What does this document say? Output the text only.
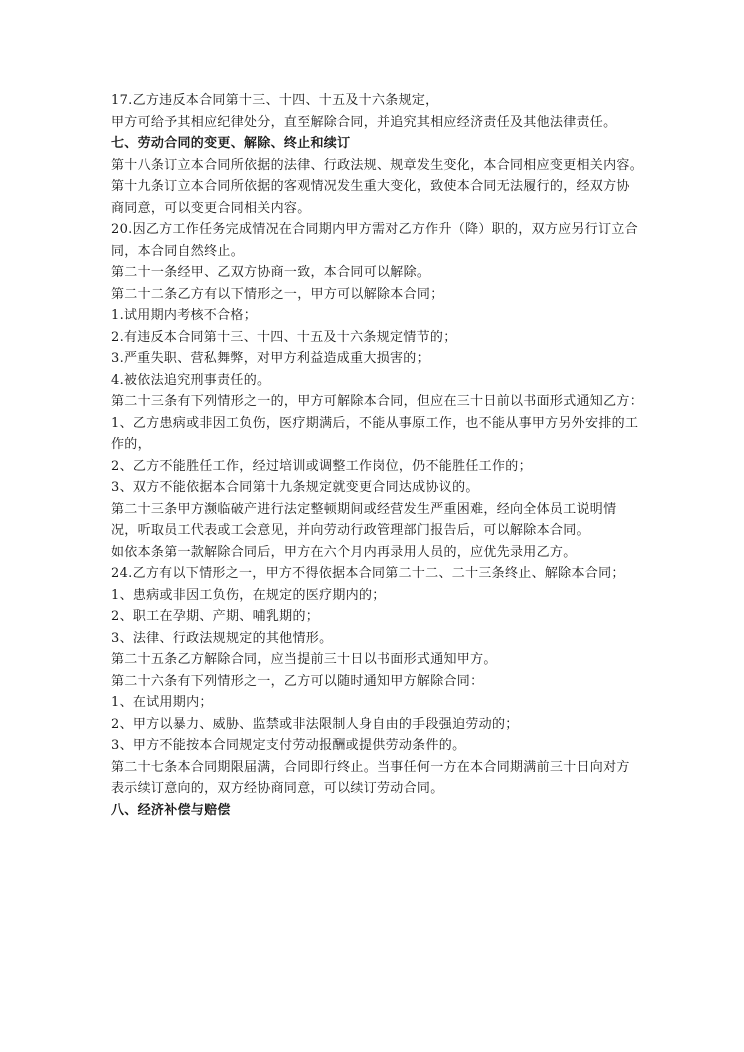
17.乙方违反本合同第十三、十四、十五及十六条规定，
甲方可给予其相应纪律处分，直至解除合同，并追究其相应经济责任及其他法律责任。
七、劳动合同的变更、解除、终止和续订
第十八条订立本合同所依据的法律、行政法规、规章发生变化，本合同相应变更相关内容。
第十九条订立本合同所依据的客观情况发生重大变化，致使本合同无法履行的，经双方协商同意，可以变更合同相关内容。
20.因乙方工作任务完成情况在合同期内甲方需对乙方作升（降）职的，双方应另行订立合同，本合同自然终止。
第二十一条经甲、乙双方协商一致，本合同可以解除。
第二十二条乙方有以下情形之一，甲方可以解除本合同；
1.试用期内考核不合格；
2.有违反本合同第十三、十四、十五及十六条规定情节的；
3.严重失职、营私舞弊，对甲方利益造成重大损害的；
4.被依法追究刑事责任的。
第二十三条有下列情形之一的，甲方可解除本合同，但应在三十日前以书面形式通知乙方：
1、乙方患病或非因工负伤，医疗期满后，不能从事原工作，也不能从事甲方另外安排的工作的，
2、乙方不能胜任工作，经过培训或调整工作岗位，仍不能胜任工作的；
3、双方不能依据本合同第十九条规定就变更合同达成协议的。
第二十三条甲方濒临破产进行法定整顿期间或经营发生严重困难，经向全体员工说明情况，听取员工代表或工会意见，并向劳动行政管理部门报告后，可以解除本合同。
如依本条第一款解除合同后，甲方在六个月内再录用人员的，应优先录用乙方。
24.乙方有以下情形之一，甲方不得依据本合同第二十二、二十三条终止、解除本合同；
1、患病或非因工负伤，在规定的医疗期内的；
2、职工在孕期、产期、哺乳期的；
3、法律、行政法规规定的其他情形。
第二十五条乙方解除合同，应当提前三十日以书面形式通知甲方。
第二十六条有下列情形之一，乙方可以随时通知甲方解除合同：
1、在试用期内；
2、甲方以暴力、威胁、监禁或非法限制人身自由的手段强迫劳动的；
3、甲方不能按本合同规定支付劳动报酬或提供劳动条件的。
第二十七条本合同期限届满，合同即行终止。当事任何一方在本合同期满前三十日向对方表示续订意向的，双方经协商同意，可以续订劳动合同。
八、经济补偿与赔偿
